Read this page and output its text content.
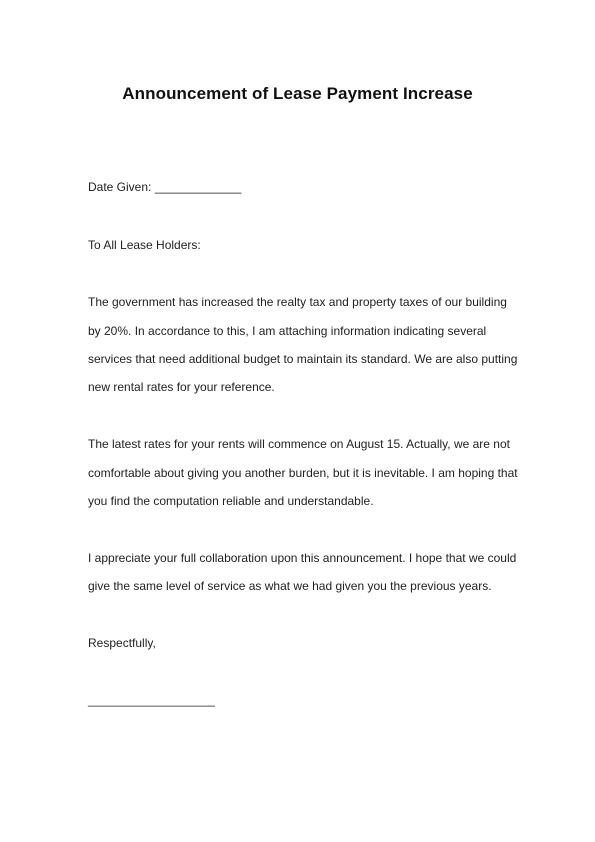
Announcement of Lease Payment Increase
Date Given: _____________
To All Lease Holders:
The government has increased the realty tax and property taxes of our building
by 20%. In accordance to this, I am attaching information indicating several
services that need additional budget to maintain its standard. We are also putting
new rental rates for your reference.
The latest rates for your rents will commence on August 15. Actually, we are not
comfortable about giving you another burden, but it is inevitable. I am hoping that
you find the computation reliable and understandable.
I appreciate your full collaboration upon this announcement. I hope that we could
give the same level of service as what we had given you the previous years.
Respectfully,
___________________
